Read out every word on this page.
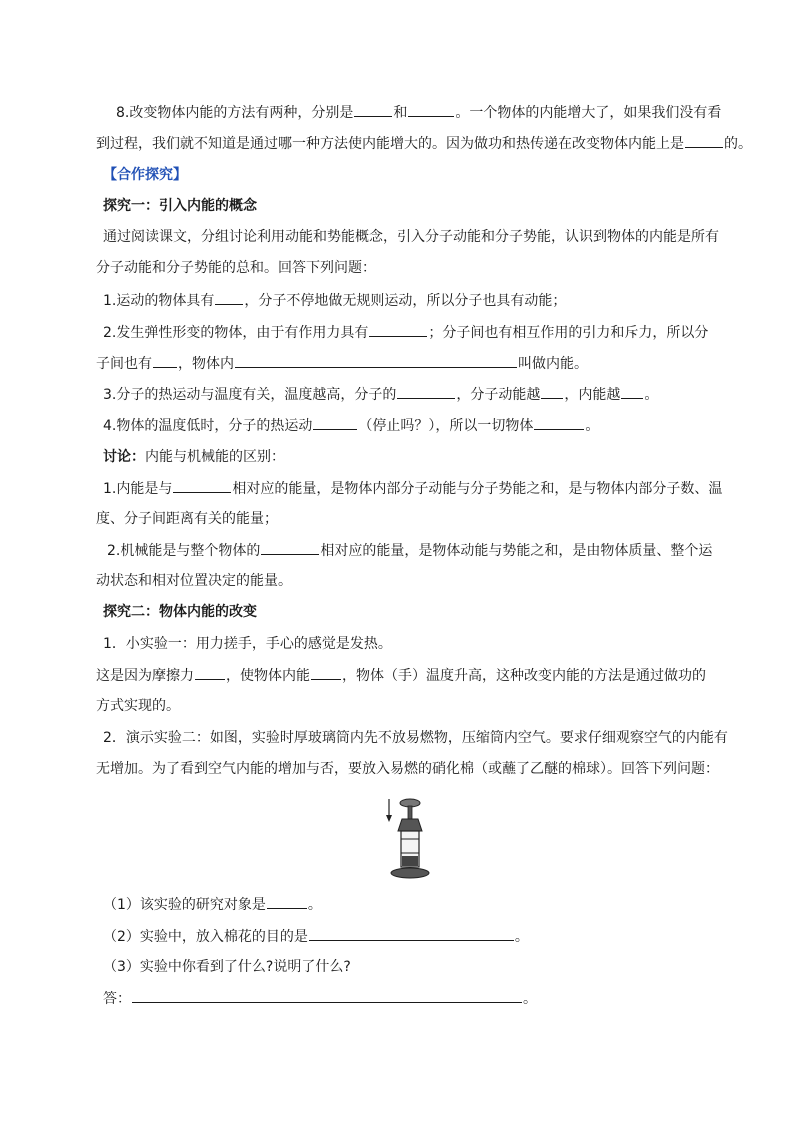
8.改变物体内能的方法有两种，分别是	和	。一个物体的内能增大了，如果我们没有看
到过程，我们就不知道是通过哪一种方法使内能增大的。因为做功和热传递在改变物体内能上是	的。
【合作探究】
探究一：引入内能的概念
通过阅读课文，分组讨论利用动能和势能概念，引入分子动能和分子势能，认识到物体的内能是所有
分子动能和分子势能的总和。回答下列问题：
1.运动的物体具有 ，分子不停地做无规则运动，所以分子也具有动能；
2.发生弹性形变的物体，由于有作用力具有	；分子间也有相互作用的引力和斥力，所以分
子间也有 ，物体内	叫做内能。
3.分子的热运动与温度有关，温度越高，分子的	，分子动能越 ，内能越 。
4.物体的温度低时，分子的热运动	（停止吗？），所以一切物体	。
讨论：内能与机械能的区别：
1.内能是与	相对应的能量，是物体内部分子动能与分子势能之和，是与物体内部分子数、温
度、分子间距离有关的能量；
2.机械能是与整个物体的	相对应的能量，是物体动能与势能之和，是由物体质量、整个运
动状态和相对位置决定的能量。
探究二：物体内能的改变
1．小实验一：用力搓手，手心的感觉是发热。
这是因为摩擦力 ，使物体内能 ，物体（手）温度升高，这种改变内能的方法是通过做功的
方式实现的。
2．演示实验二：如图，实验时厚玻璃筒内先不放易燃物，压缩筒内空气。要求仔细观察空气的内能有
无增加。为了看到空气内能的增加与否，要放入易燃的硝化棉（或蘸了乙醚的棉球）。回答下列问题：
（1）该实验的研究对象是	。
（2）实验中，放入棉花的目的是	。
（3）实验中你看到了什么?说明了什么?
答：	。
